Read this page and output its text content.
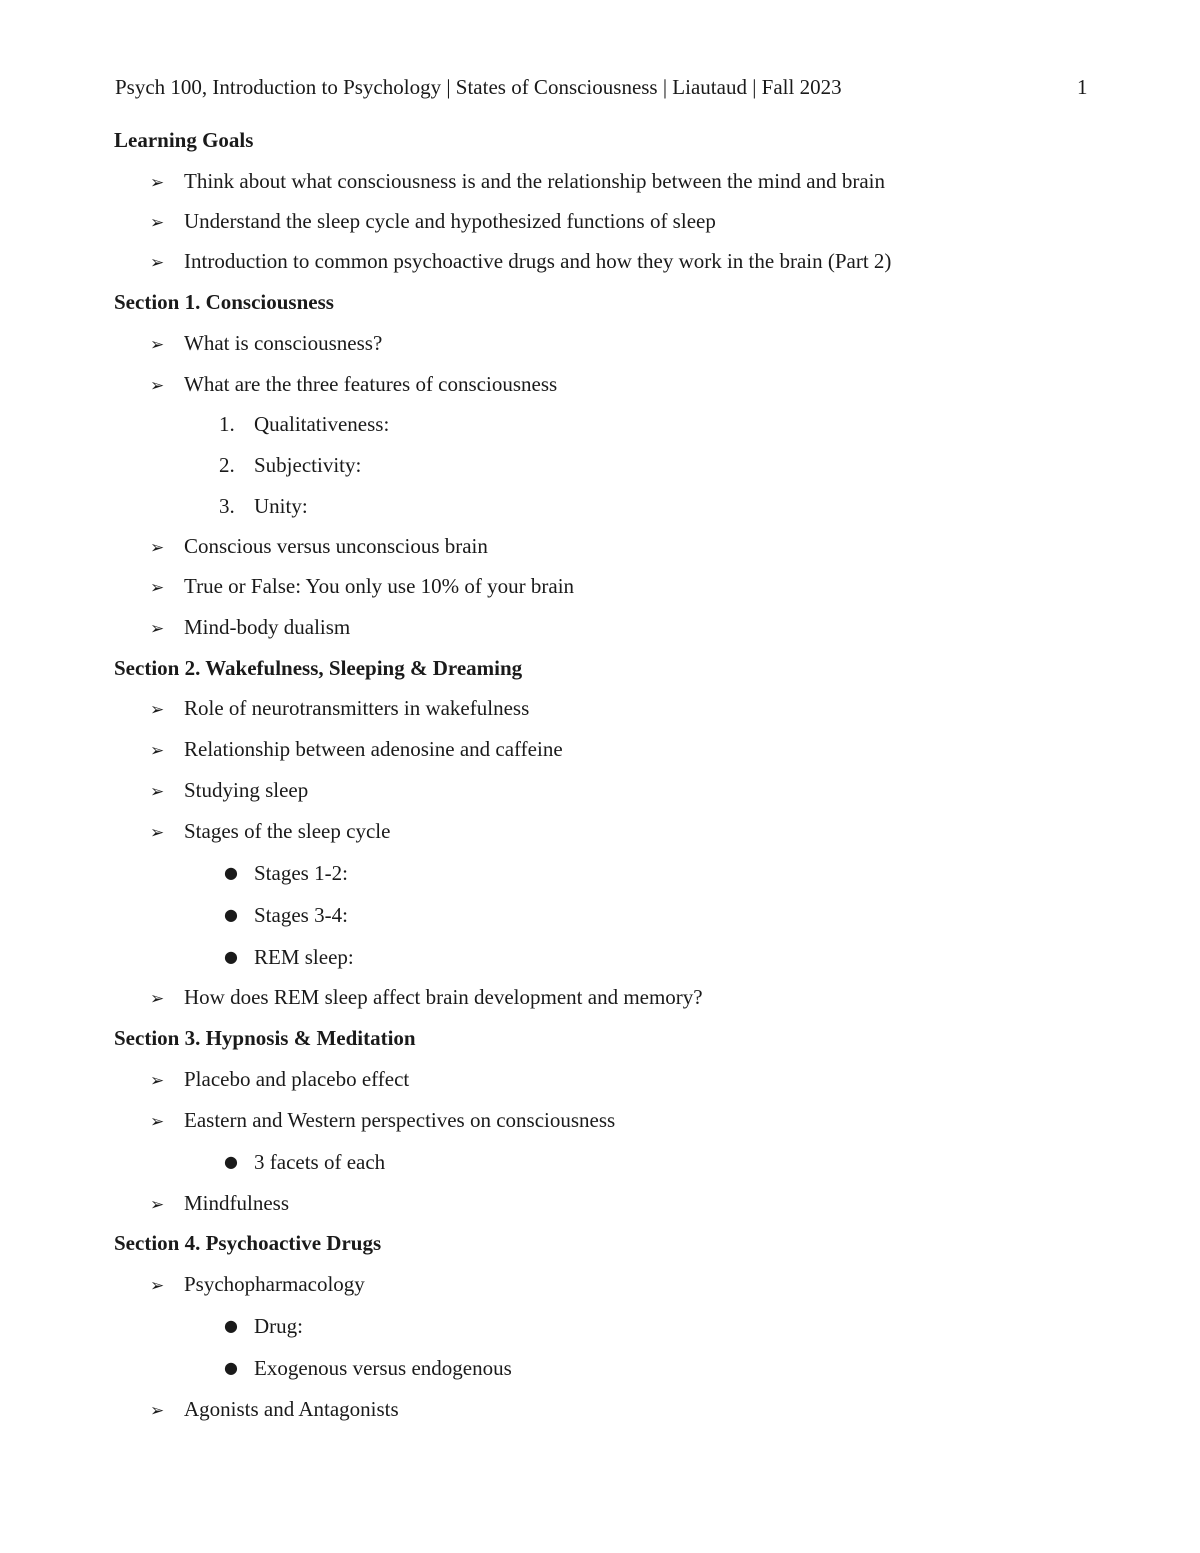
Psych 100, Introduction to Psychology | States of Consciousness | Liautaud | Fall 2023	1
Learning Goals
➢ Think about what consciousness is and the relationship between the mind and brain
➢ Understand the sleep cycle and hypothesized functions of sleep
➢ Introduction to common psychoactive drugs and how they work in the brain (Part 2)
Section 1. Consciousness
➢ What is consciousness?
➢ What are the three features of consciousness
1. Qualitativeness:
2. Subjectivity:
3. Unity:
➢ Conscious versus unconscious brain
➢ True or False: You only use 10% of your brain
➢ Mind-body dualism
Section 2. Wakefulness, Sleeping & Dreaming
➢ Role of neurotransmitters in wakefulness
➢ Relationship between adenosine and caffeine
➢ Studying sleep
➢ Stages of the sleep cycle
● Stages 1-2:
● Stages 3-4:
● REM sleep:
➢ How does REM sleep affect brain development and memory?
Section 3. Hypnosis & Meditation
➢ Placebo and placebo effect
➢ Eastern and Western perspectives on consciousness
● 3 facets of each
➢ Mindfulness
Section 4. Psychoactive Drugs
➢ Psychopharmacology
● Drug:
● Exogenous versus endogenous
➢ Agonists and Antagonists
